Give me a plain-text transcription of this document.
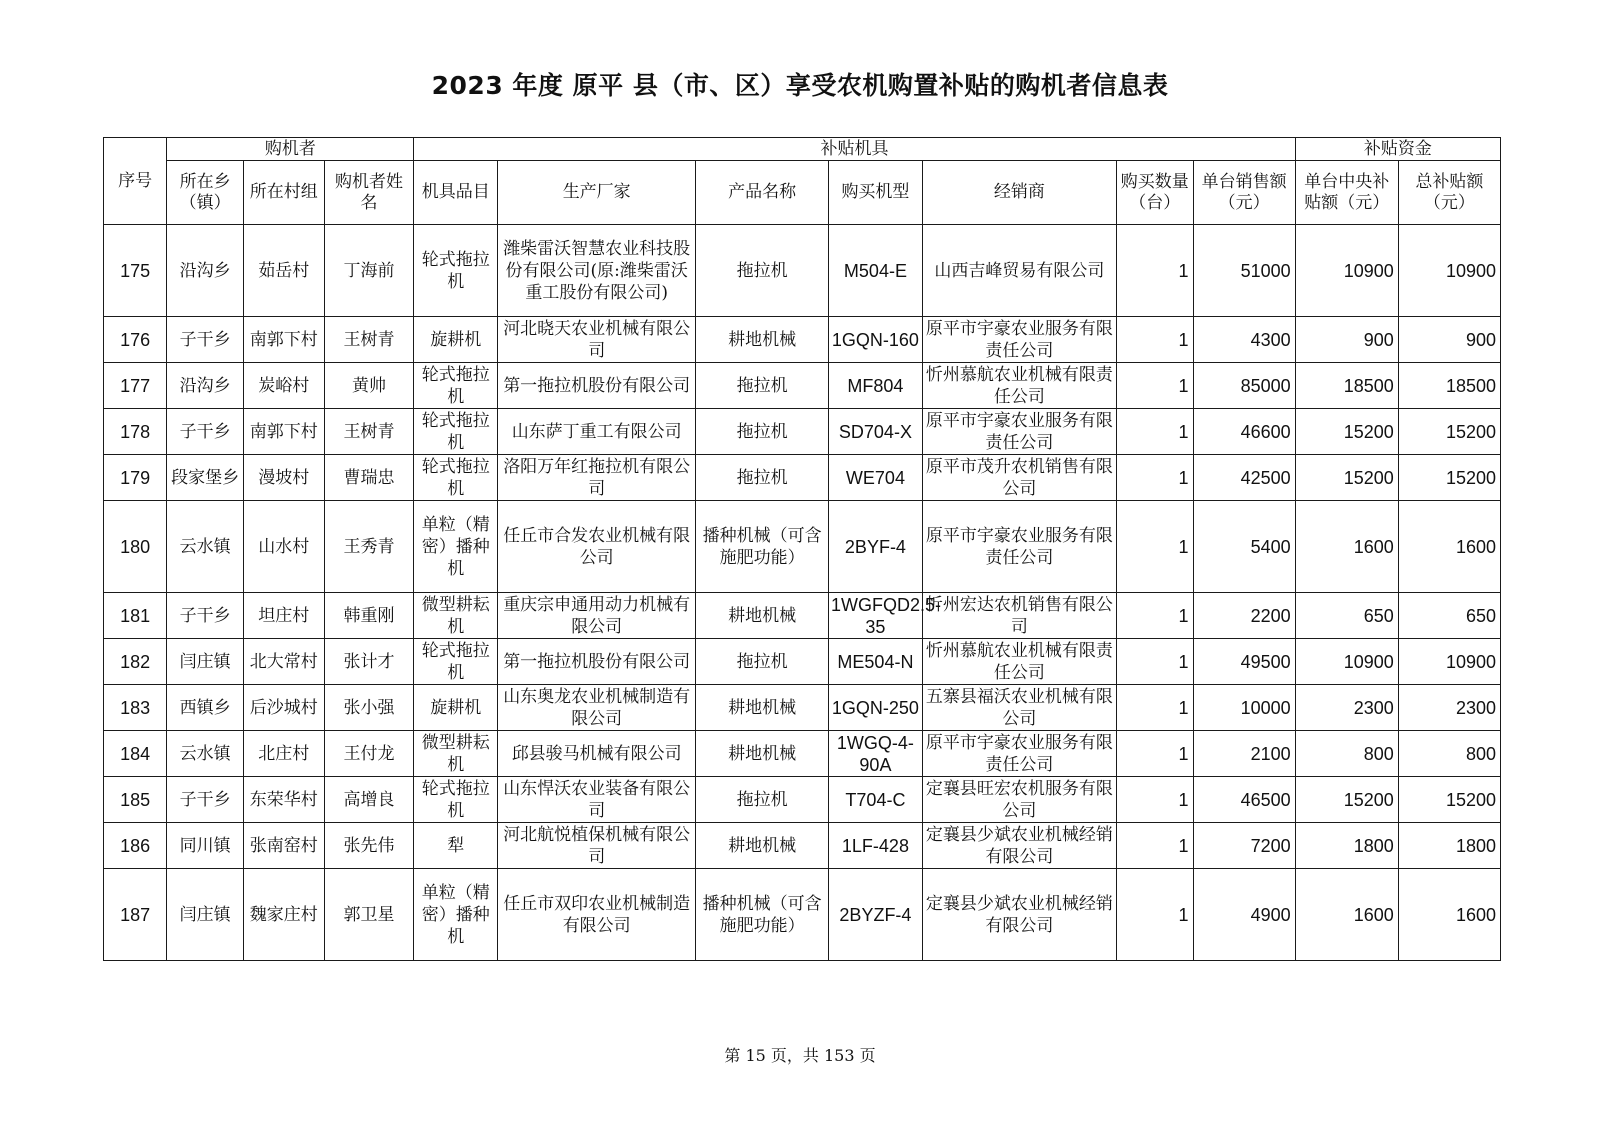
2023 年度 原平 县（市、区）享受农机购置补贴的购机者信息表
序号	购机者			补贴机具							补贴资金	
	所在乡（镇）	所在村组	购机者姓名	机具品目	生产厂家	产品名称	购买机型	经销商	购买数量（台）	单台销售额（元）	单台中央补贴额（元）	总补贴额（元）
175	沿沟乡	茹岳村	丁海前	轮式拖拉机	潍柴雷沃智慧农业科技股份有限公司(原:潍柴雷沃重工股份有限公司)	拖拉机	M504-E	山西吉峰贸易有限公司	1	51000	10900	10900
176	子干乡	南郭下村	王树青	旋耕机	河北晓天农业机械有限公司	耕地机械	1GQN-160	原平市宇豪农业服务有限责任公司	1	4300	900	900
177	沿沟乡	炭峪村	黄帅	轮式拖拉机	第一拖拉机股份有限公司	拖拉机	MF804	忻州慕航农业机械有限责任公司	1	85000	18500	18500
178	子干乡	南郭下村	王树青	轮式拖拉机	山东萨丁重工有限公司	拖拉机	SD704-X	原平市宇豪农业服务有限责任公司	1	46600	15200	15200
179	段家堡乡	漫坡村	曹瑞忠	轮式拖拉机	洛阳万年红拖拉机有限公司	拖拉机	WE704	原平市茂升农机销售有限公司	1	42500	15200	15200
180	云水镇	山水村	王秀青	单粒（精密）播种机	任丘市合发农业机械有限公司	播种机械（可含施肥功能）	2BYF-4	原平市宇豪农业服务有限责任公司	1	5400	1600	1600
181	子干乡	坦庄村	韩重刚	微型耕耘机	重庆宗申通用动力机械有限公司	耕地机械	1WGFQD2.5-35	忻州宏达农机销售有限公司	1	2200	650	650
182	闫庄镇	北大常村	张计才	轮式拖拉机	第一拖拉机股份有限公司	拖拉机	ME504-N	忻州慕航农业机械有限责任公司	1	49500	10900	10900
183	西镇乡	后沙城村	张小强	旋耕机	山东奥龙农业机械制造有限公司	耕地机械	1GQN-250	五寨县福沃农业机械有限公司	1	10000	2300	2300
184	云水镇	北庄村	王付龙	微型耕耘机	邱县骏马机械有限公司	耕地机械	1WGQ-4-90A	原平市宇豪农业服务有限责任公司	1	2100	800	800
185	子干乡	东荣华村	高增良	轮式拖拉机	山东悍沃农业装备有限公司	拖拉机	T704-C	定襄县旺宏农机服务有限公司	1	46500	15200	15200
186	同川镇	张南窑村	张先伟	犁	河北航悦植保机械有限公司	耕地机械	1LF-428	定襄县少斌农业机械经销有限公司	1	7200	1800	1800
187	闫庄镇	魏家庄村	郭卫星	单粒（精密）播种机	任丘市双印农业机械制造有限公司	播种机械（可含施肥功能）	2BYZF-4	定襄县少斌农业机械经销有限公司	1	4900	1600	1600
第 15 页，共 153 页
